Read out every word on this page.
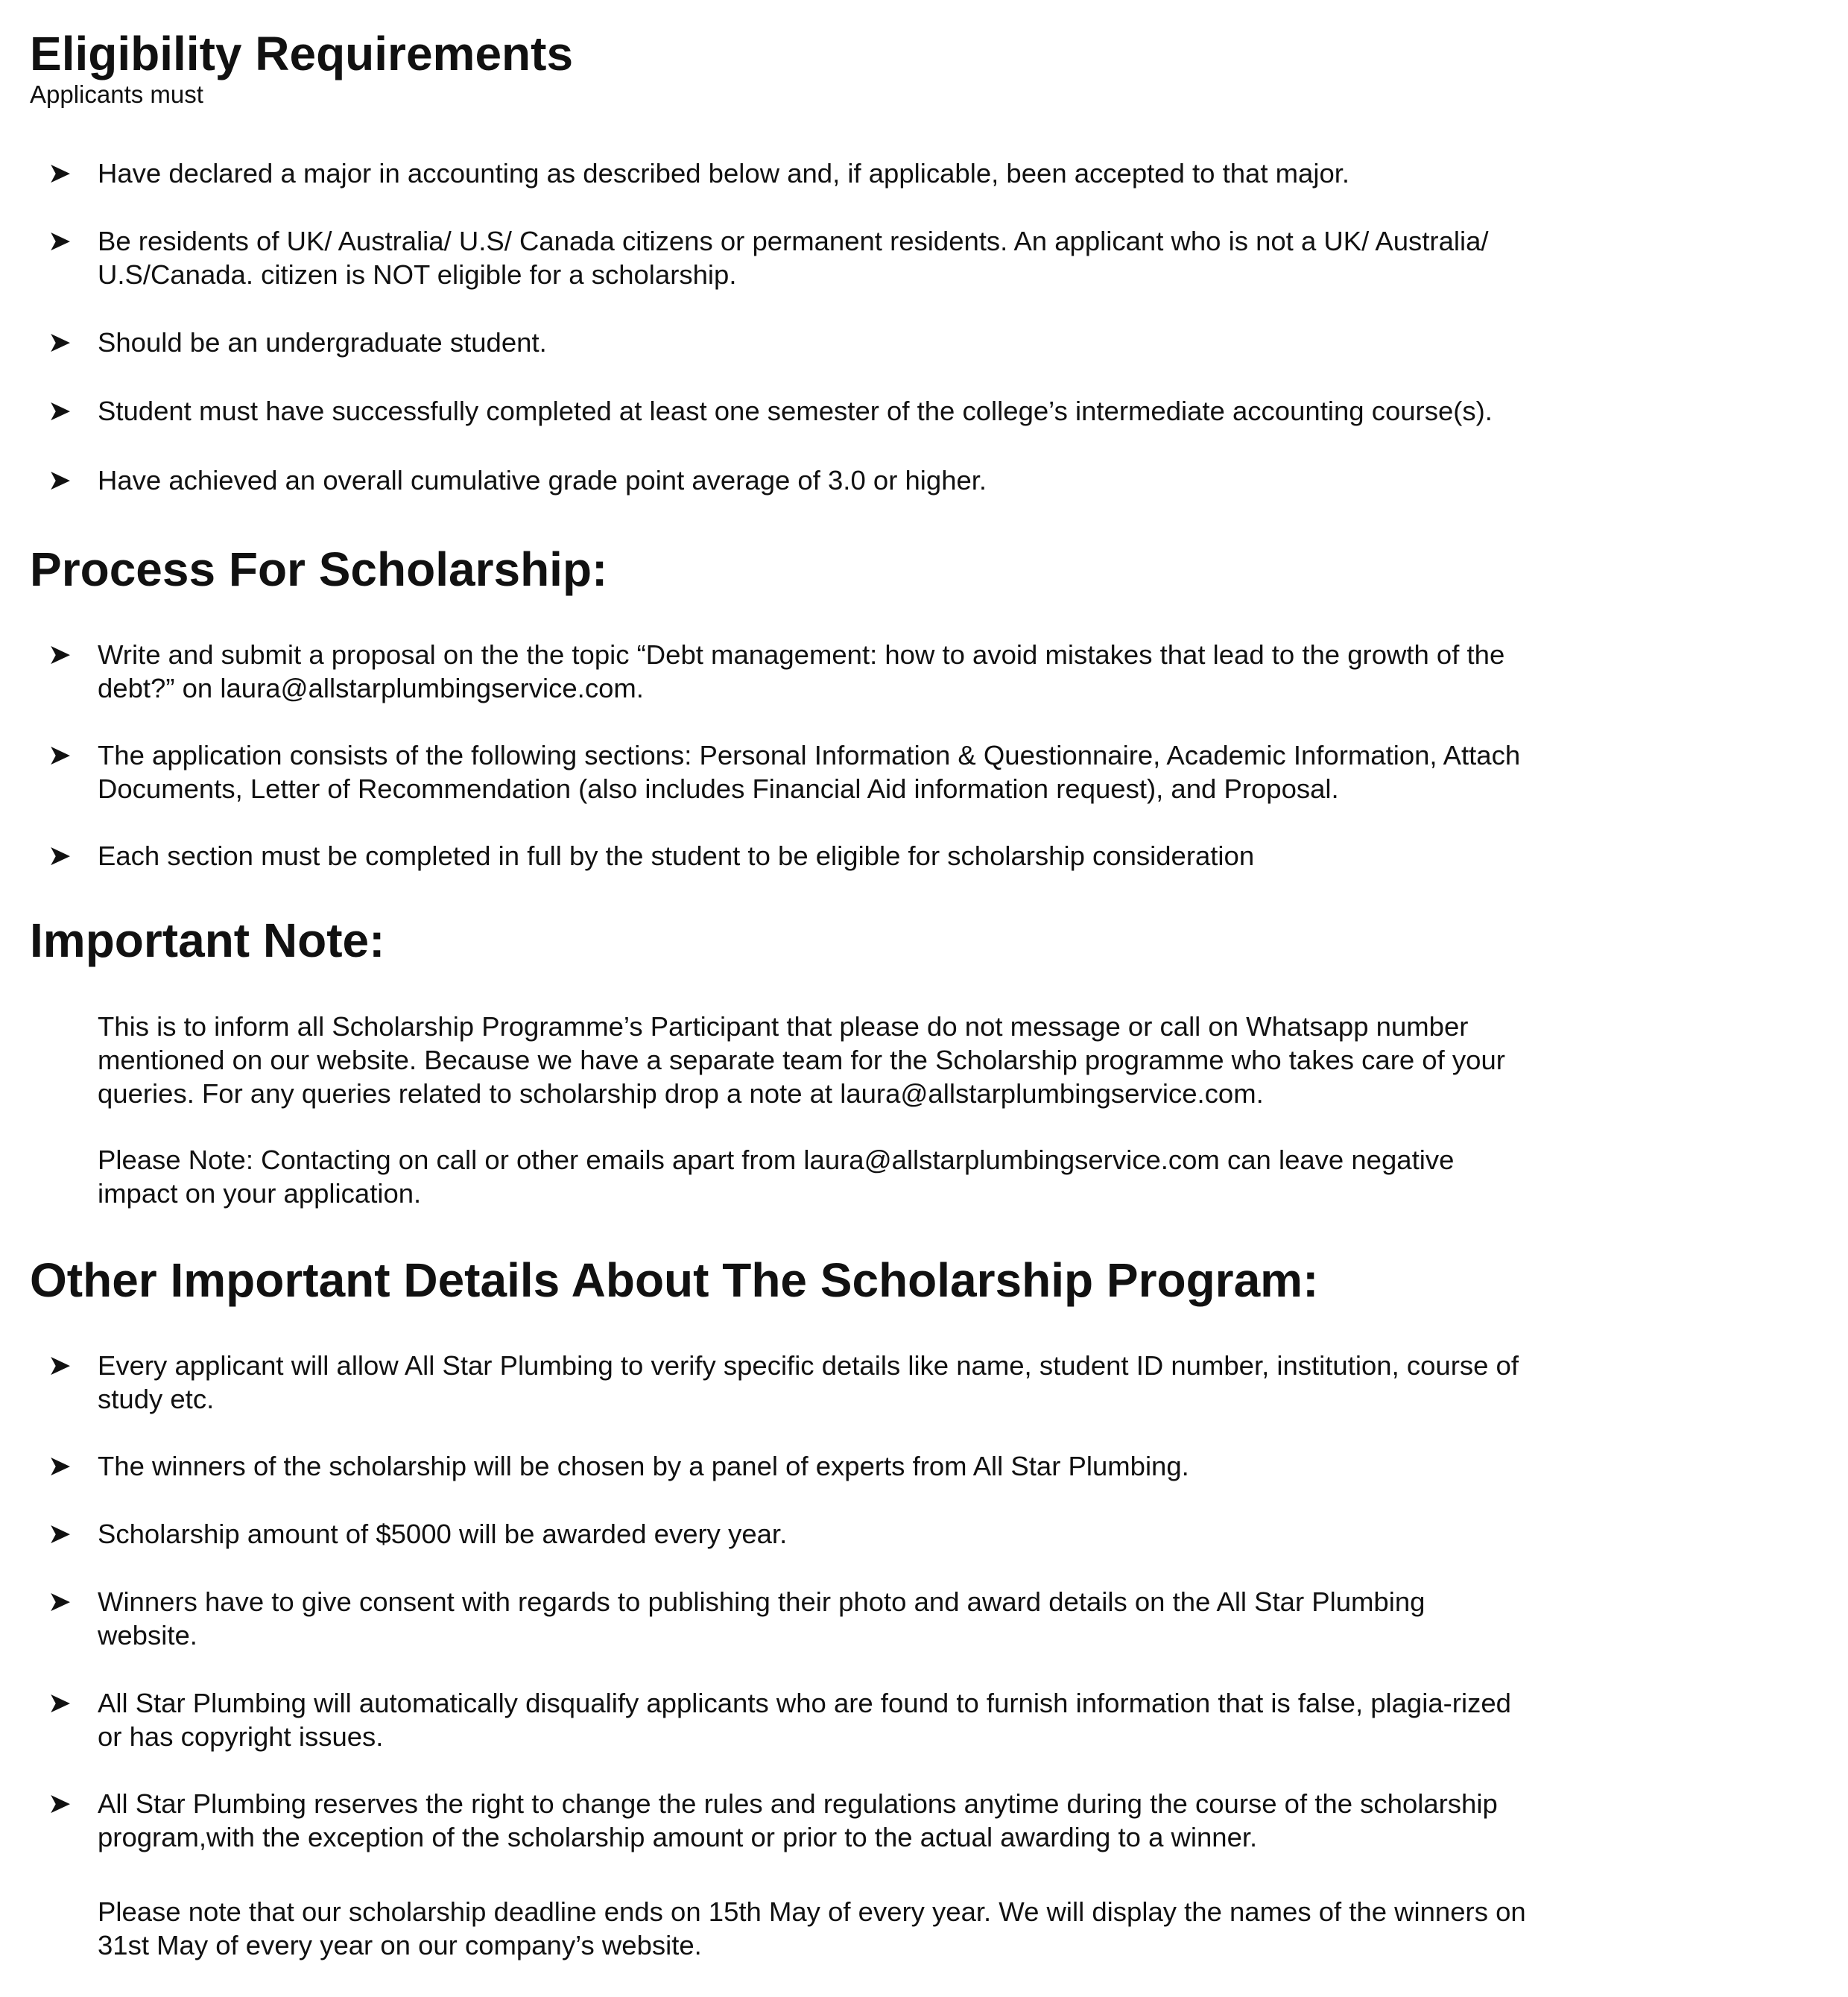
Eligibility Requirements
Applicants must
➤ Have declared a major in accounting as described below and, if applicable, been accepted to that major.

➤ Be residents of UK/ Australia/ U.S/ Canada citizens or permanent residents. An applicant who is not a UK/ Australia/ U.S/Canada. citizen is NOT eligible for a scholarship.

➤ Should be an undergraduate student.

➤ Student must have successfully completed at least one semester of the college’s intermediate accounting course(s).

➤ Have achieved an overall cumulative grade point average of 3.0 or higher.

Process For Scholarship:
➤ Write and submit a proposal on the the topic “Debt management: how to avoid mistakes that lead to the growth of the debt?” on laura@allstarplumbingservice.com.

➤ The application consists of the following sections: Personal Information & Questionnaire, Academic Information, Attach Documents, Letter of Recommendation (also includes Financial Aid information request), and Proposal.

➤ Each section must be completed in full by the student to be eligible for scholarship consideration

Important Note:

This is to inform all Scholarship Programme’s Participant that please do not message or call on Whatsapp number mentioned on our website. Because we have a separate team for the Scholarship programme who takes care of your queries. For any queries related to scholarship drop a note at laura@allstarplumbingservice.com.

Please Note: Contacting on call or other emails apart from laura@allstarplumbingservice.com can leave negative impact on your application.

Other Important Details About The Scholarship Program:
➤ Every applicant will allow All Star Plumbing to verify specific details like name, student ID number, institution, course of study etc.

➤ The winners of the scholarship will be chosen by a panel of experts from All Star Plumbing.

➤ Scholarship amount of $5000 will be awarded every year.

➤ Winners have to give consent with regards to publishing their photo and award details on the All Star Plumbing website.

➤ All Star Plumbing will automatically disqualify applicants who are found to furnish information that is false, plagia-rized or has copyright issues.

➤ All Star Plumbing reserves the right to change the rules and regulations anytime during the course of the scholarship program,with the exception of the scholarship amount or prior to the actual awarding to a winner.

Please note that our scholarship deadline ends on 15th May of every year. We will display the names of the winners on 31st May of every year on our company’s website.
